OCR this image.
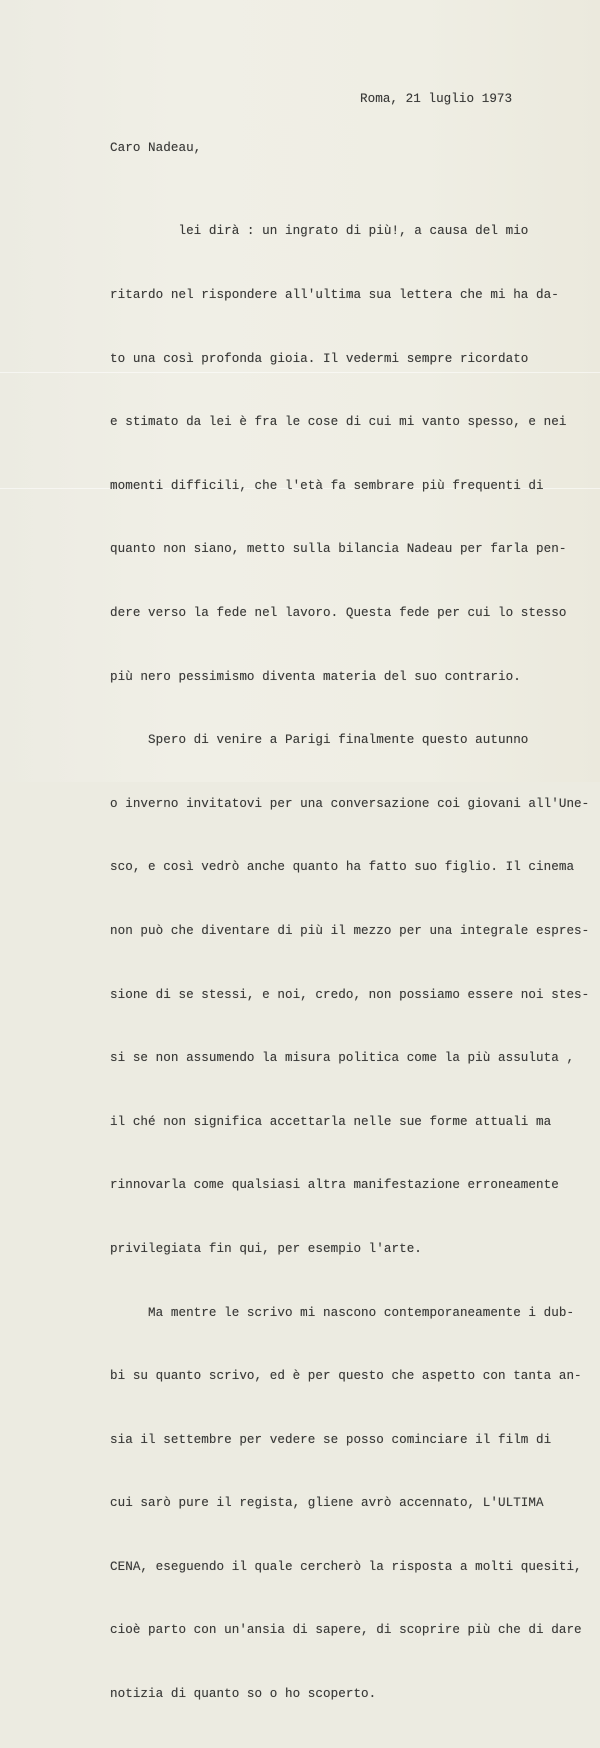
Roma, 21 luglio 1973
Caro Nadeau,

lei dirà : un ingrato di più!, a causa del mio

ritardo nel rispondere all'ultima sua lettera che mi ha da-

to una così profonda gioia. Il vedermi sempre ricordato

e stimato da lei è fra le cose di cui mi vanto spesso, e nei

momenti difficili, che l'età fa sembrare più frequenti di

quanto non siano, metto sulla bilancia Nadeau per farla pen-

dere verso la fede nel lavoro. Questa fede per cui lo stesso

più nero pessimismo diventa materia del suo contrario.

Spero di venire a Parigi finalmente questo autunno

o inverno invitatovi per una conversazione coi giovani all'Une-

sco, e così vedrò anche quanto ha fatto suo figlio. Il cinema

non può che diventare di più il mezzo per una integrale espres-

sione di se stessi, e noi, credo, non possiamo essere noi stes-

si se non assumendo la misura politica come la più assuluta ,

il ché non significa accettarla nelle sue forme attuali ma

rinnovarla come qualsiasi altra manifestazione erroneamente

privilegiata fin qui, per esempio l'arte.

Ma mentre le scrivo mi nascono contemporaneamente i dub-

bi su quanto scrivo, ed è per questo che aspetto con tanta an-

sia il settembre per vedere se posso cominciare il film di

cui sarò pure il regista, gliene avrò accennato, L'ULTIMA

CENA, eseguendo il quale cercherò la risposta a molti quesiti,

cioè parto con un'ansia di sapere, di scoprire più che di dare

notizia di quanto so o ho scoperto.
